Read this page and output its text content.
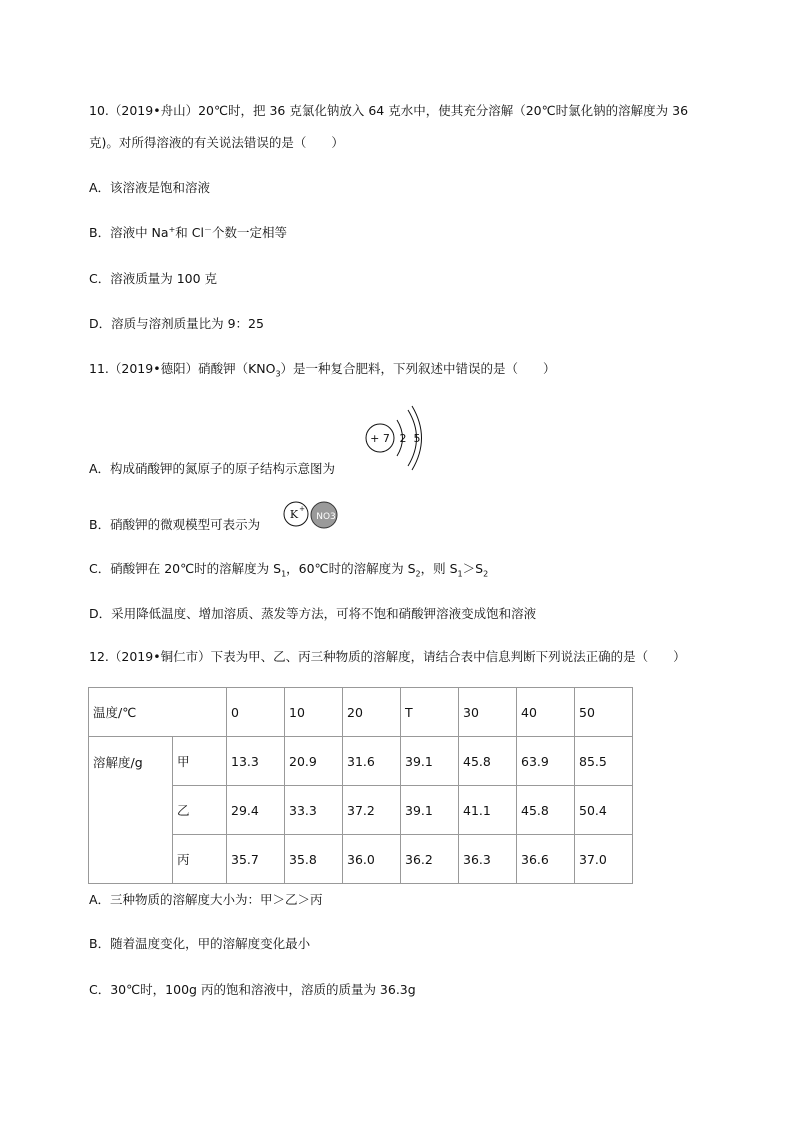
10.（2019•舟山）20℃时，把 36 克氯化钠放入 64 克水中，使其充分溶解（20℃时氯化钠的溶解度为 36
克)。对所得溶液的有关说法错误的是（　　）
A．该溶液是饱和溶液
B．溶液中 Na+和 Cl－个数一定相等
C．溶液质量为 100 克
D．溶质与溶剂质量比为 9：25
11.（2019•德阳）硝酸钾$(KNO_3)$是一种复合肥料，下列叙述中错误的是（　　）
+ 7 2 5
A．构成硝酸钾的氮原子的原子结构示意图为
K +
NO3
B．硝酸钾的微观模型可表示为
C．硝酸钾在 20℃时的溶解度为 $S_1$，60℃时的溶解度为 $S_2$，则 $S_1>S_2$
D．采用降低温度、增加溶质、蒸发等方法，可将不饱和硝酸钾溶液变成饱和溶液
12.（2019•铜仁市）下表为甲、乙、丙三种物质的溶解度，请结合表中信息判断下列说法正确的是（　　）
温度/℃		0	10	20	T	30	40	50
溶解度/g	甲	13.3	20.9	31.6	39.1	45.8	63.9	85.5
	乙	29.4	33.3	37.2	39.1	41.1	45.8	50.4
	丙	35.7	35.8	36.0	36.2	36.3	36.6	37.0
A．三种物质的溶解度大小为：甲＞乙＞丙
B．随着温度变化，甲的溶解度变化最小
C．30℃时，100g 丙的饱和溶液中，溶质的质量为 36.3g
